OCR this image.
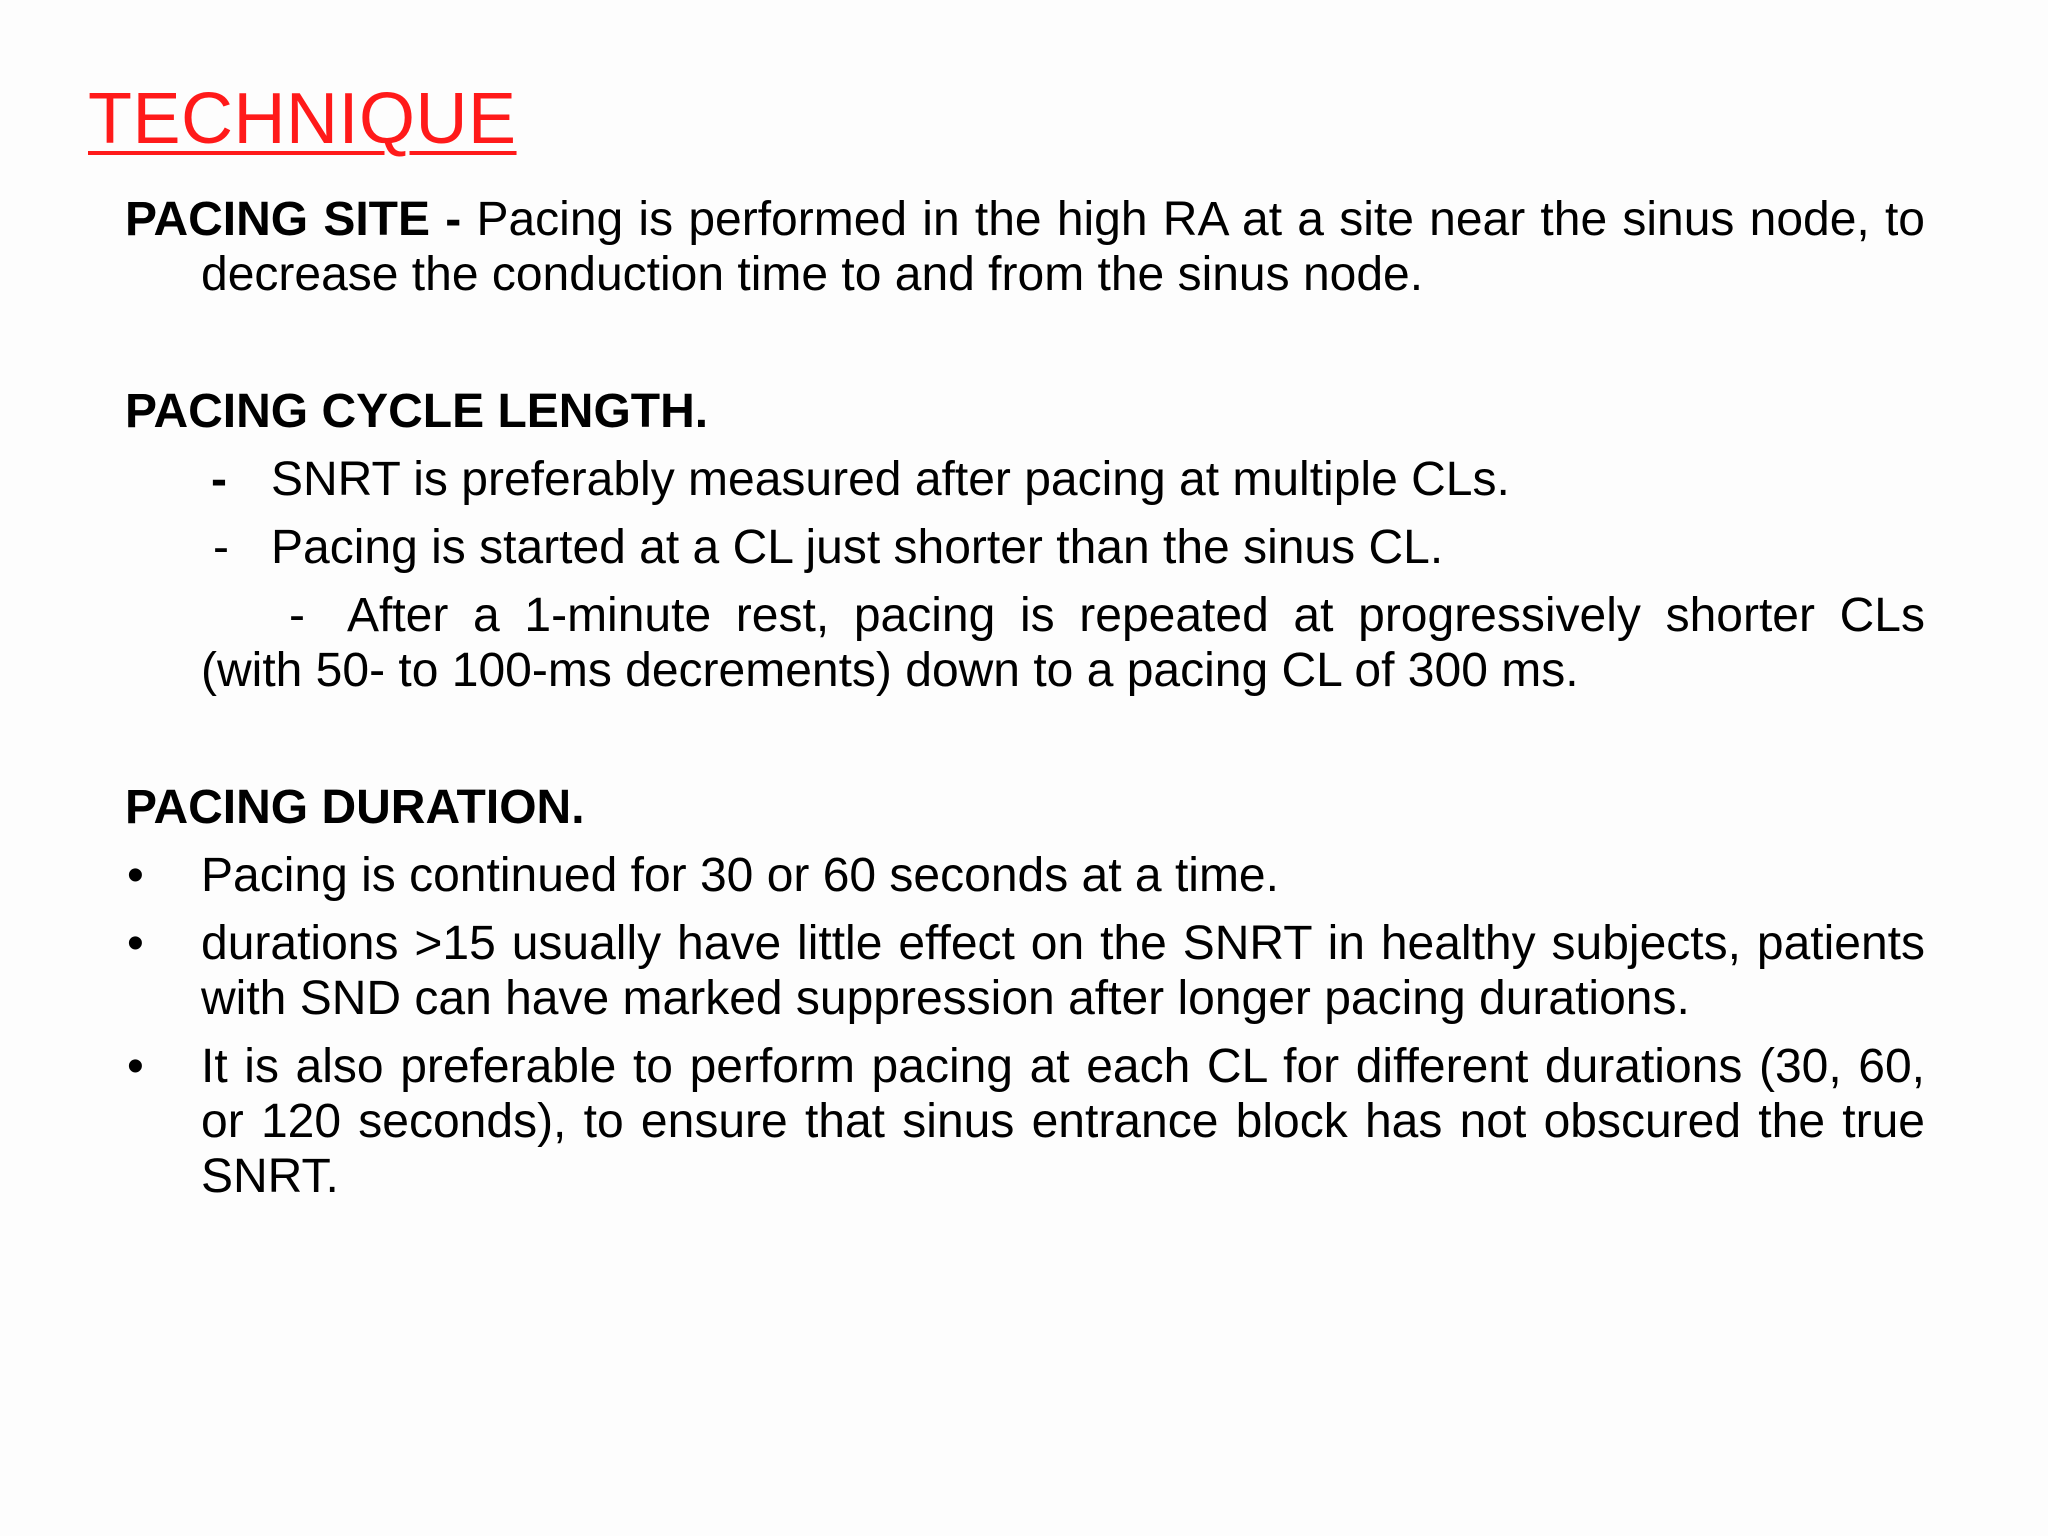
TECHNIQUE

PACING SITE - Pacing is performed in the high RA at a site near the sinus node, to decrease the conduction time to and from the sinus node.

PACING CYCLE LENGTH.

- SNRT is preferably measured after pacing at multiple CLs.
- Pacing is started at a CL just shorter than the sinus CL.
- After a 1-minute rest, pacing is repeated at progressively shorter CLs (with 50- to 100-ms decrements) down to a pacing CL of 300 ms.

PACING DURATION.

•	Pacing is continued for 30 or 60 seconds at a time.
•	durations >15 usually have little effect on the SNRT in healthy subjects, patients with SND can have marked suppression after longer pacing durations.
•	It is also preferable to perform pacing at each CL for different durations (30, 60, or 120 seconds), to ensure that sinus entrance block has not obscured the true SNRT.
